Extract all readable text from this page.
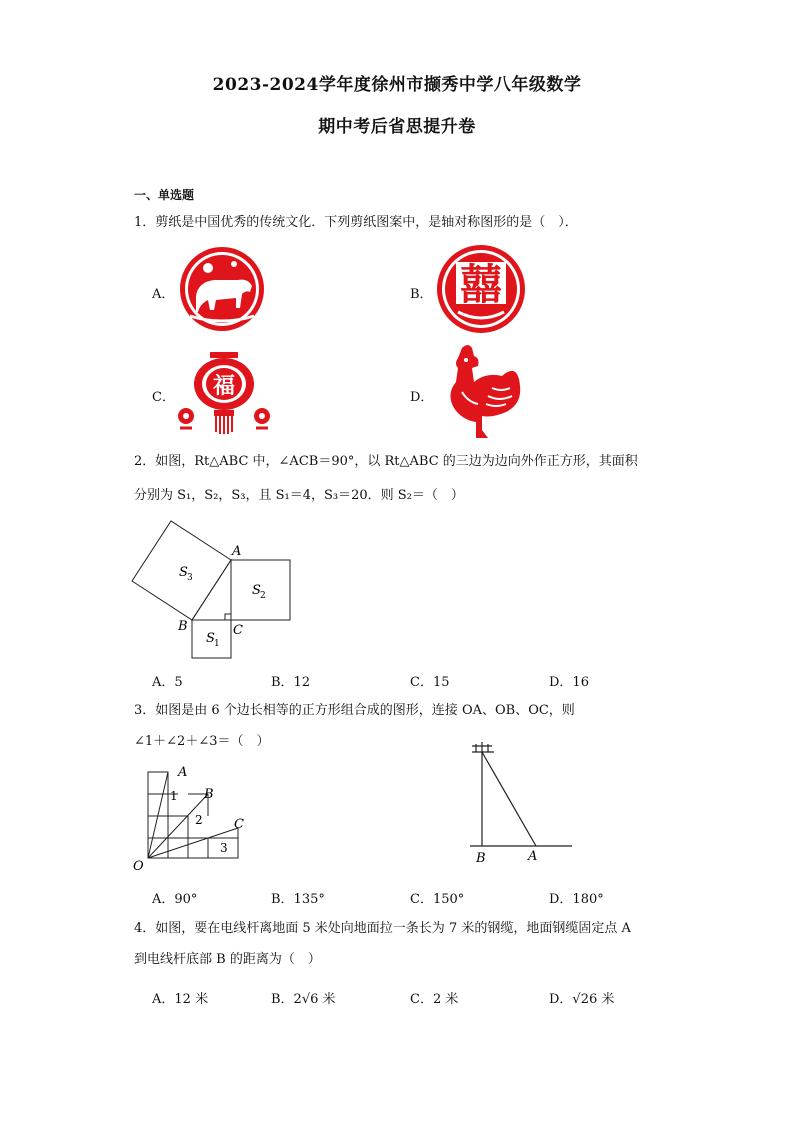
2023-2024学年度徐州市撷秀中学八年级数学
期中考后省思提升卷
一、单选题
1．剪纸是中国优秀的传统文化．下列剪纸图案中，是轴对称图形的是（　）．
A．	B． 囍
C． 福	D．
2．如图，Rt△ABC 中，∠ACB＝90°，以 Rt△ABC 的三边为边向外作正方形，其面积
分别为 S₁，S₂，S₃，且 S₁＝4，S₃＝20．则 S₂＝（　）
A
B	C
S 3
S 2
S 1
A．5	B．12	C．15	D．16
3．如图是由 6 个边长相等的正方形组合成的图形，连接 OA、OB、OC，则
∠1＋∠2＋∠3＝（　）
A
B
C
O
1
2
3
B	A
A．90°	B．135°	C．150°	D．180°
4．如图，要在电线杆离地面 5 米处向地面拉一条长为 7 米的钢缆，地面钢缆固定点 A
到电线杆底部 B 的距离为（　）
A．12 米	B．2√6 米	C．2 米	D．√26 米
